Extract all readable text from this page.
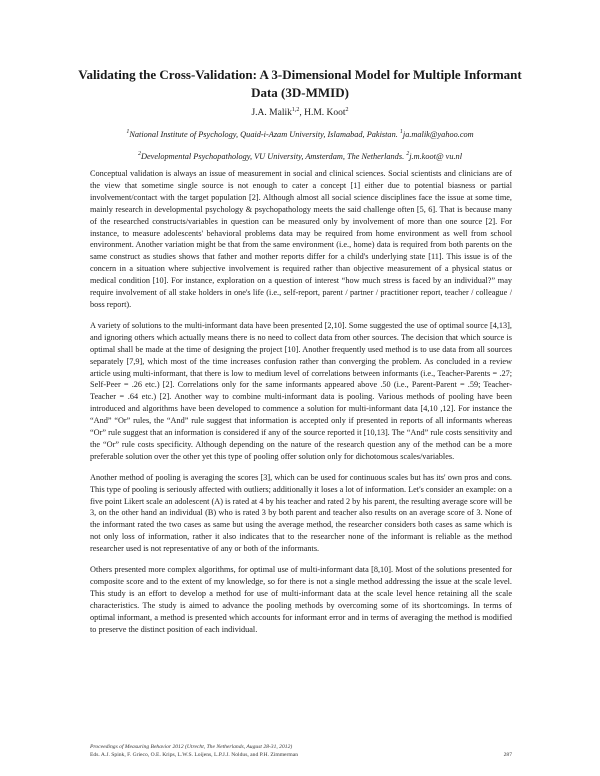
Validating the Cross-Validation: A 3-Dimensional Model for Multiple Informant Data (3D-MMID)
J.A. Malik$^{1,2}$, H.M. Koot$^2$
$^1$National Institute of Psychology, Quaid-i-Azam University, Islamabad, Pakistan. $^1$ja.malik@yahoo.com
$^2$Developmental Psychopathology, VU University, Amsterdam, The Netherlands. $^2$j.m.koot@ vu.nl

Conceptual validation is always an issue of measurement in social and clinical sciences. Social scientists and clinicians are of the view that sometime single source is not enough to cater a concept [1] either due to potential biasness or partial involvement/contact with the target population [2]. Although almost all social science disciplines face the issue at some time, mainly research in developmental psychology & psychopathology meets the said challenge often [5, 6]. That is because many of the researched constructs/variables in question can be measured only by involvement of more than one source [2]. For instance, to measure adolescents' behavioral problems data may be required from home environment as well from school environment. Another variation might be that from the same environment (i.e., home) data is required from both parents on the same construct as studies shows that father and mother reports differ for a child's underlying state [11]. This issue is of the concern in a situation where subjective involvement is required rather than objective measurement of a physical status or medical condition [10]. For instance, exploration on a question of interest “how much stress is faced by an individual?” may require involvement of all stake holders in one's life (i.e., self-report, parent / partner / practitioner report, teacher / colleague / boss report).

A variety of solutions to the multi-informant data have been presented [2,10]. Some suggested the use of optimal source [4,13], and ignoring others which actually means there is no need to collect data from other sources. The decision that which source is optimal shall be made at the time of designing the project [10]. Another frequently used method is to use data from all sources separately [7,9], which most of the time increases confusion rather than converging the problem. As concluded in a review article using multi-informant, that there is low to medium level of correlations between informants (i.e., Teacher-Parents = .27; Self-Peer = .26 etc.) [2]. Correlations only for the same informants appeared above .50 (i.e., Parent-Parent = .59; Teacher-Teacher = .64 etc.) [2]. Another way to combine multi-informant data is pooling. Various methods of pooling have been introduced and algorithms have been developed to commence a solution for multi-informant data [4,10 ,12]. For instance the “And” “Or” rules, the “And” rule suggest that information is accepted only if presented in reports of all informants whereas “Or” rule suggest that an information is considered if any of the source reported it [10,13]. The “And” rule costs sensitivity and the “Or” rule costs specificity. Although depending on the nature of the research question any of the method can be a more preferable solution over the other yet this type of pooling offer solution only for dichotomous scales/variables.

Another method of pooling is averaging the scores [3], which can be used for continuous scales but has its' own pros and cons. This type of pooling is seriously affected with outliers; additionally it loses a lot of information. Let's consider an example: on a five point Likert scale an adolescent (A) is rated at 4 by his teacher and rated 2 by his parent, the resulting average score will be 3, on the other hand an individual (B) who is rated 3 by both parent and teacher also results on an average score of 3. None of the informant rated the two cases as same but using the average method, the researcher considers both cases as same which is not only loss of information, rather it also indicates that to the researcher none of the informant is reliable as the method researcher used is not representative of any or both of the informants.

Others presented more complex algorithms, for optimal use of multi-informant data [8,10]. Most of the solutions presented for composite score and to the extent of my knowledge, so for there is not a single method addressing the issue at the scale level. This study is an effort to develop a method for use of multi-informant data at the scale level hence retaining all the scale characteristics. The study is aimed to advance the pooling methods by overcoming some of its shortcomings. In terms of optimal informant, a method is presented which accounts for informant error and in terms of averaging the method is modified to preserve the distinct position of each individual.

Proceedings of Measuring Behavior 2012 (Utrecht, The Netherlands, August 28-31, 2012)
Eds. A.J. Spink, F. Grieco, O.E. Krips, L.W.S. Loijens, L.P.J.J. Noldus, and P.H. Zimmerman	287
